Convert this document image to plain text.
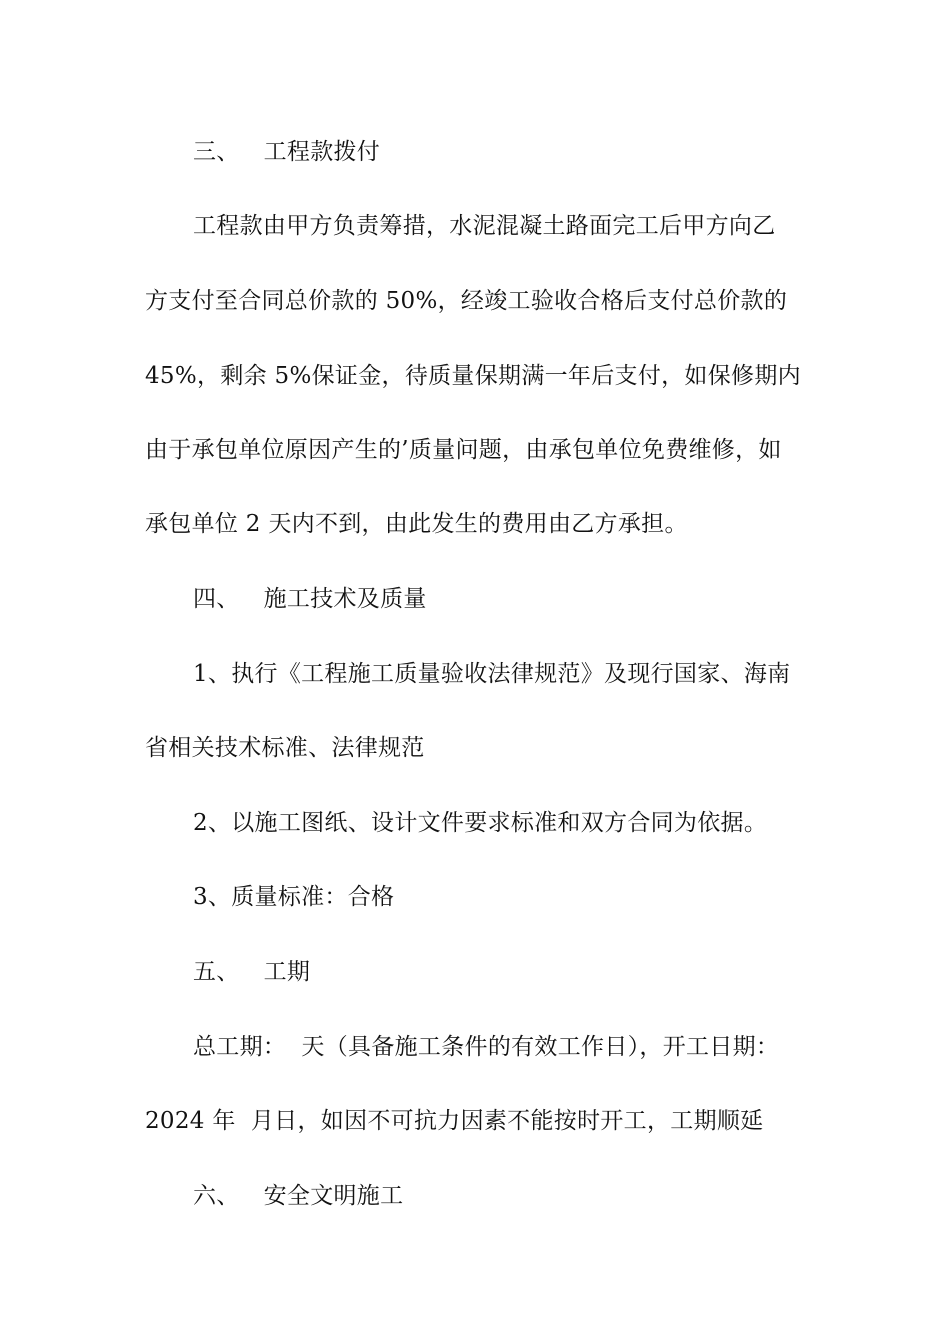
三、 工程款拨付
工程款由甲方负责筹措，水泥混凝土路面完工后甲方向乙
方支付至合同总价款的 50%，经竣工验收合格后支付总价款的
45%，剩余 5%保证金，待质量保期满一年后支付，如保修期内
由于承包单位原因产生的’质量问题，由承包单位免费维修，如
承包单位 2 天内不到，由此发生的费用由乙方承担。
四、 施工技术及质量
1、执行《工程施工质量验收法律规范》及现行国家、海南
省相关技术标准、法律规范
2、以施工图纸、设计文件要求标准和双方合同为依据。
3、质量标准：合格
五、 工期
总工期：  天（具备施工条件的有效工作日），开工日期：
2024 年  月日，如因不可抗力因素不能按时开工，工期顺延
六、 安全文明施工
